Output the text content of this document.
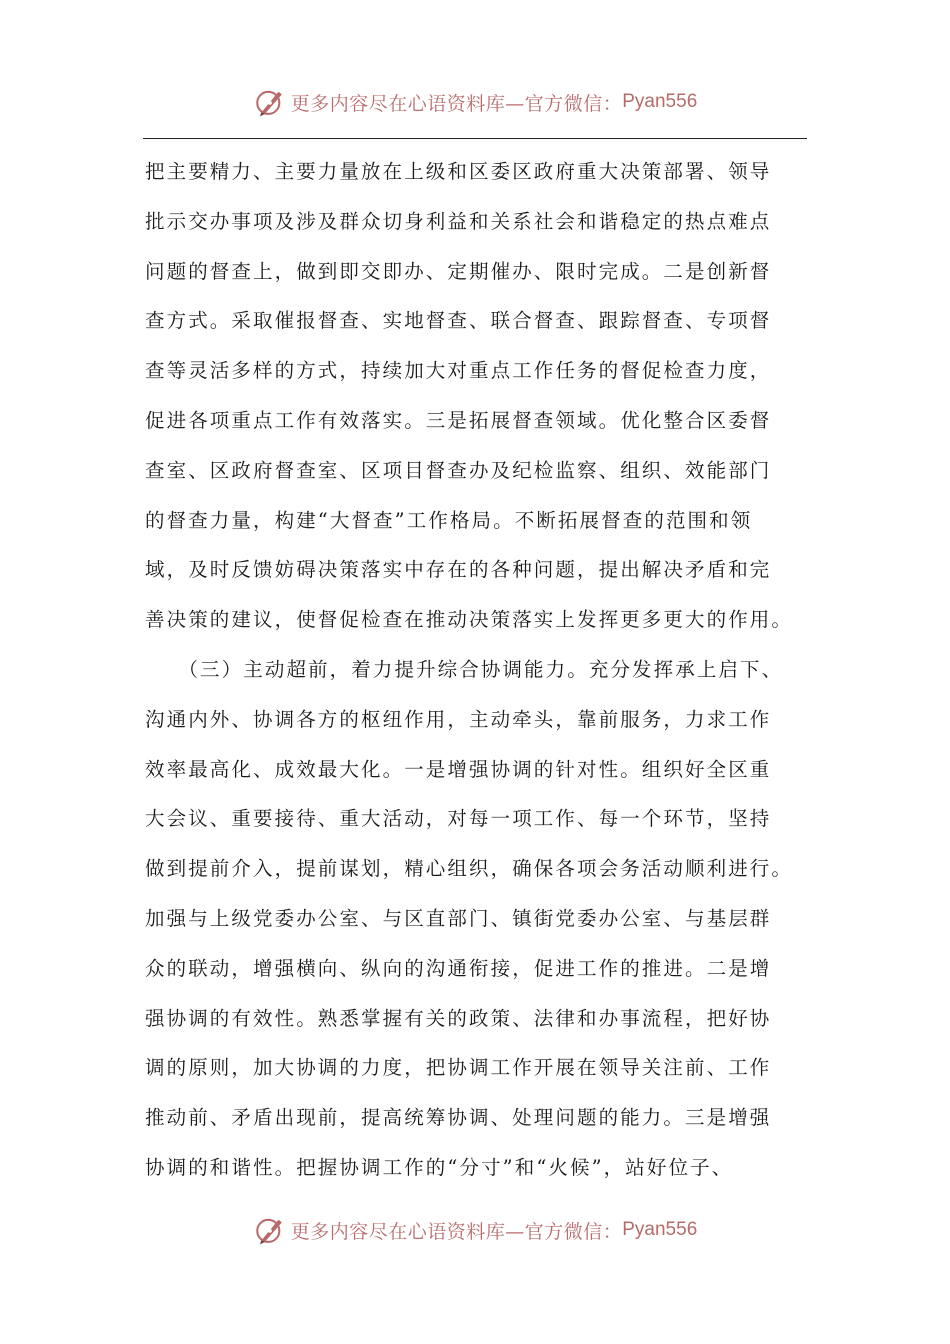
更多内容尽在心语资料库—官方微信： Pyan556
把主要精力、主要力量放在上级和区委区政府重大决策部署、领导
批示交办事项及涉及群众切身利益和关系社会和谐稳定的热点难点
问题的督查上，做到即交即办、定期催办、限时完成。二是创新督
查方式。采取催报督查、实地督查、联合督查、跟踪督查、专项督
查等灵活多样的方式，持续加大对重点工作任务的督促检查力度，
促进各项重点工作有效落实。三是拓展督查领域。优化整合区委督
查室、区政府督查室、区项目督查办及纪检监察、组织、效能部门
的督查力量，构建“大督查”工作格局。不断拓展督查的范围和领
域，及时反馈妨碍决策落实中存在的各种问题，提出解决矛盾和完
善决策的建议，使督促检查在推动决策落实上发挥更多更大的作用。
　　（三）主动超前，着力提升综合协调能力。充分发挥承上启下、
沟通内外、协调各方的枢纽作用，主动牵头，靠前服务，力求工作
效率最高化、成效最大化。一是增强协调的针对性。组织好全区重
大会议、重要接待、重大活动，对每一项工作、每一个环节，坚持
做到提前介入，提前谋划，精心组织，确保各项会务活动顺利进行。
加强与上级党委办公室、与区直部门、镇街党委办公室、与基层群
众的联动，增强横向、纵向的沟通衔接，促进工作的推进。二是增
强协调的有效性。熟悉掌握有关的政策、法律和办事流程，把好协
调的原则，加大协调的力度，把协调工作开展在领导关注前、工作
推动前、矛盾出现前，提高统筹协调、处理问题的能力。三是增强
协调的和谐性。把握协调工作的“分寸”和“火候”，站好位子、
更多内容尽在心语资料库—官方微信： Pyan556
